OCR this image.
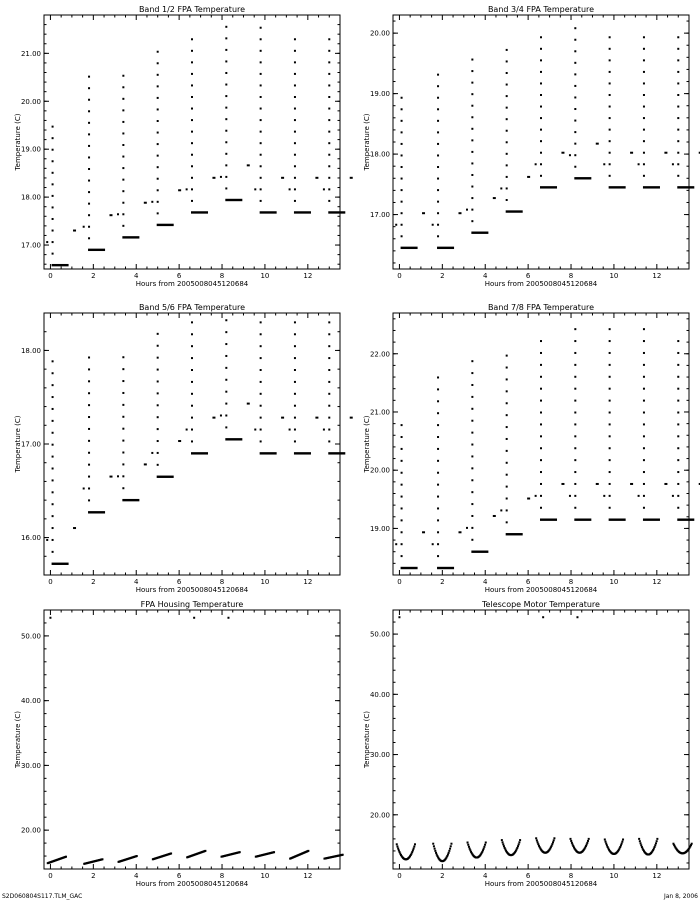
Band 1/2 FPA Temperature
Hours from 2005008045120684
Temperature (C)
0	2	4	6	8	10	12
17.00
18.00
19.00
20.00
21.00
Band 3/4 FPA Temperature
Hours from 2005008045120684
Temperature (C)
0	2	4	6	8	10	12
17.00
18.00
19.00
20.00
Band 5/6 FPA Temperature
Hours from 2005008045120684
Temperature (C)
0	2	4	6	8	10	12
16.00
17.00
18.00
Band 7/8 FPA Temperature
Hours from 2005008045120684
Temperature (C)
0	2	4	6	8	10	12
19.00
20.00
21.00
22.00
FPA Housing Temperature
Hours from 2005008045120684
Temperature (C)
0	2	4	6	8	10	12
20.00
30.00
40.00
50.00
Telescope Motor Temperature
Hours from 2005008045120684
Temperature (C)
0	2	4	6	8	10	12
20.00
30.00
40.00
50.00
S2D060804S117.TLM_GAC	Jan 8, 2006
